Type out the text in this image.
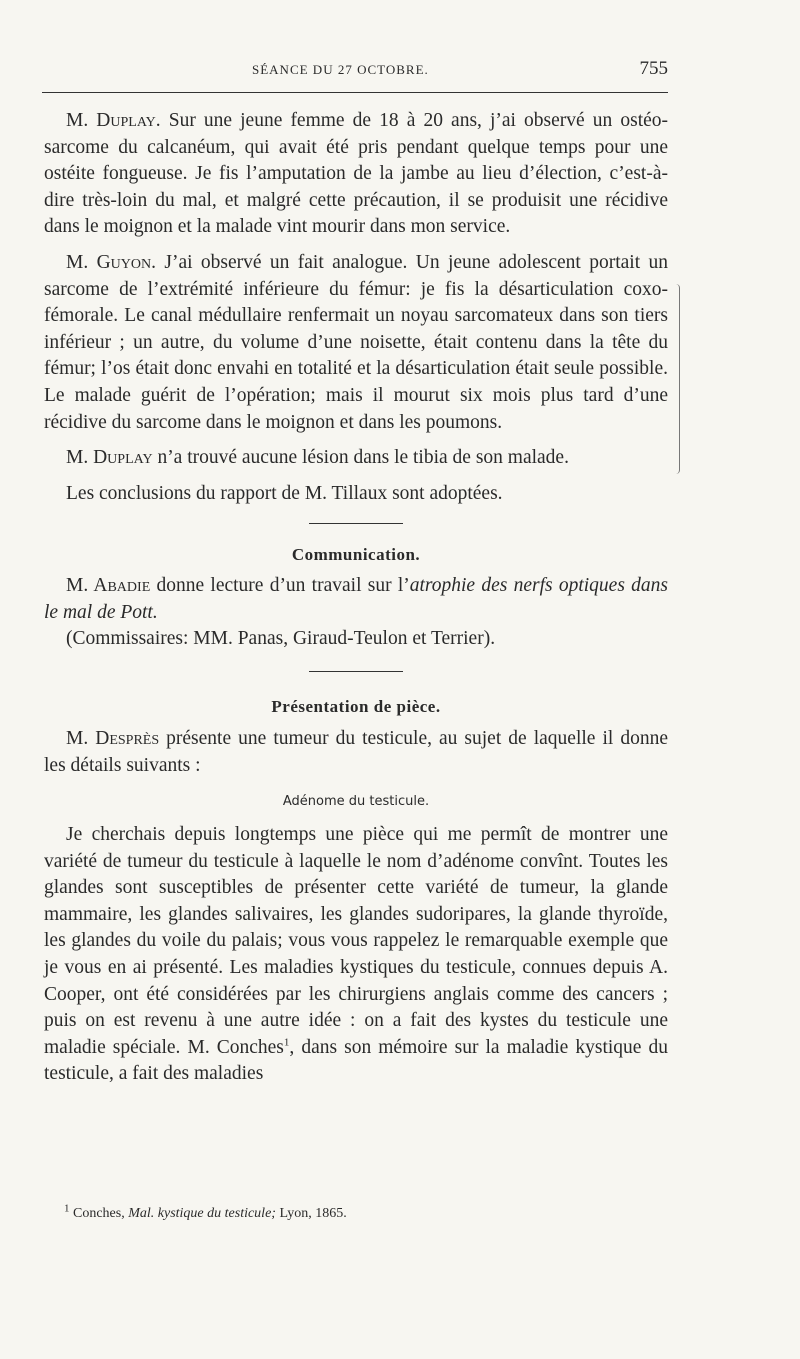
SÉANCE DU 27 OCTOBRE.	755

M. Duplay. Sur une jeune femme de 18 à 20 ans, j’ai observé un ostéo-sarcome du calcanéum, qui avait été pris pendant quelque temps pour une ostéite fongueuse. Je fis l’amputation de la jambe au lieu d’élection, c’est-à-dire très-loin du mal, et malgré cette précaution, il se produisit une récidive dans le moignon et la malade vint mourir dans mon service.

M. Guyon. J’ai observé un fait analogue. Un jeune adolescent portait un sarcome de l’extrémité inférieure du fémur: je fis la désarticulation coxo-fémorale. Le canal médullaire renfermait un noyau sarcomateux dans son tiers inférieur ; un autre, du volume d’une noisette, était contenu dans la tête du fémur; l’os était donc envahi en totalité et la désarticulation était seule possible. Le malade guérit de l’opération; mais il mourut six mois plus tard d’une récidive du sarcome dans le moignon et dans les poumons.

M. Duplay n’a trouvé aucune lésion dans le tibia de son malade.

Les conclusions du rapport de M. Tillaux sont adoptées.

Communication.

M. Abadie donne lecture d’un travail sur l’atrophie des nerfs optiques dans le mal de Pott.

(Commissaires: MM. Panas, Giraud-Teulon et Terrier).

Présentation de pièce.

M. Desprès présente une tumeur du testicule, au sujet de laquelle il donne les détails suivants :

Adénome du testicule.

Je cherchais depuis longtemps une pièce qui me permît de montrer une variété de tumeur du testicule à laquelle le nom d’adénome convînt. Toutes les glandes sont susceptibles de présenter cette variété de tumeur, la glande mammaire, les glandes salivaires, les glandes sudoripares, la glande thyroïde, les glandes du voile du palais; vous vous rappelez le remarquable exemple que je vous en ai présenté. Les maladies kystiques du testicule, connues depuis A. Cooper, ont été considérées par les chirurgiens anglais comme des cancers ; puis on est revenu à une autre idée : on a fait des kystes du testicule une maladie spéciale. M. Conches$^1$, dans son mémoire sur la maladie kystique du testicule, a fait des maladies

$^1$ Conches, Mal. kystique du testicule; Lyon, 1865.
